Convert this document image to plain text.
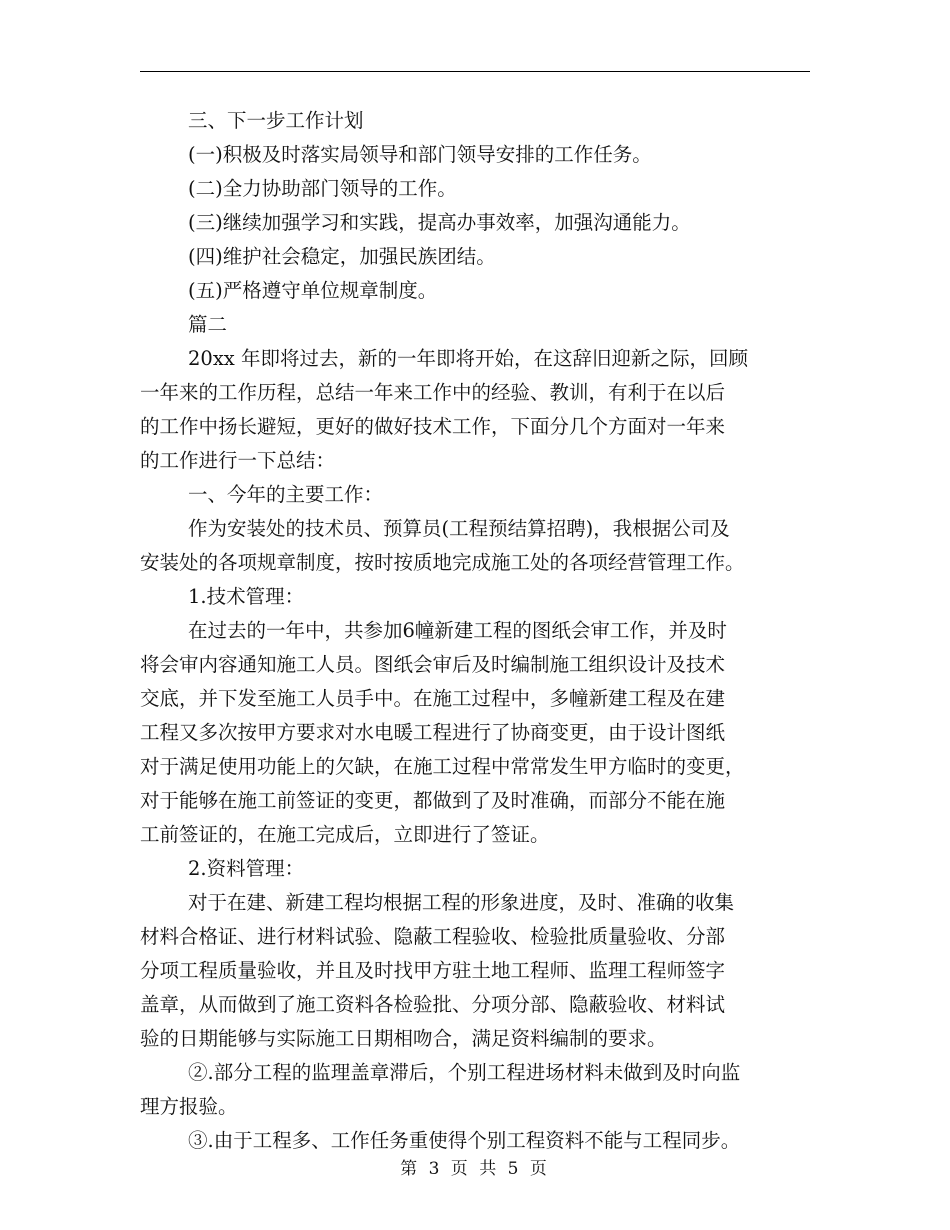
三、下一步工作计划
(一)积极及时落实局领导和部门领导安排的工作任务。
(二)全力协助部门领导的工作。
(三)继续加强学习和实践，提高办事效率，加强沟通能力。
(四)维护社会稳定，加强民族团结。
(五)严格遵守单位规章制度。
篇二
20xx 年即将过去，新的一年即将开始，在这辞旧迎新之际，回顾
一年来的工作历程，总结一年来工作中的经验、教训，有利于在以后
的工作中扬长避短，更好的做好技术工作，下面分几个方面对一年来
的工作进行一下总结：
一、今年的主要工作：
作为安装处的技术员、预算员(工程预结算招聘)，我根据公司及
安装处的各项规章制度，按时按质地完成施工处的各项经营管理工作。
1.技术管理：
在过去的一年中，共参加6幢新建工程的图纸会审工作，并及时
将会审内容通知施工人员。图纸会审后及时编制施工组织设计及技术
交底，并下发至施工人员手中。在施工过程中，多幢新建工程及在建
工程又多次按甲方要求对水电暖工程进行了协商变更，由于设计图纸
对于满足使用功能上的欠缺，在施工过程中常常发生甲方临时的变更，
对于能够在施工前签证的变更，都做到了及时准确，而部分不能在施
工前签证的，在施工完成后，立即进行了签证。
2.资料管理：
对于在建、新建工程均根据工程的形象进度，及时、准确的收集
材料合格证、进行材料试验、隐蔽工程验收、检验批质量验收、分部
分项工程质量验收，并且及时找甲方驻土地工程师、监理工程师签字
盖章，从而做到了施工资料各检验批、分项分部、隐蔽验收、材料试
验的日期能够与实际施工日期相吻合，满足资料编制的要求。
②.部分工程的监理盖章滞后，个别工程进场材料未做到及时向监
理方报验。
③.由于工程多、工作任务重使得个别工程资料不能与工程同步。
第 3 页 共 5 页
